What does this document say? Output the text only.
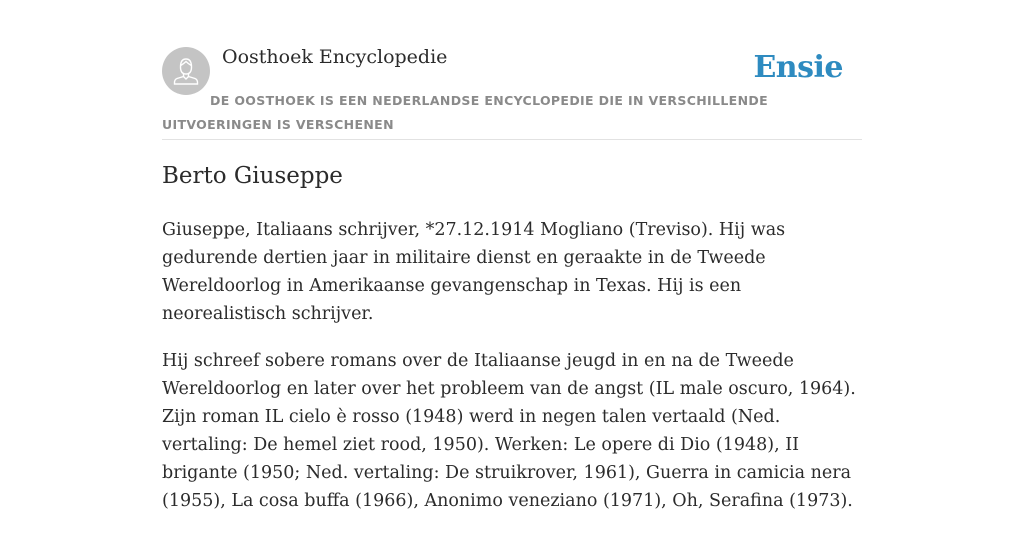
Oosthoek Encyclopedie	Ensie
DE OOSTHOEK IS EEN NEDERLANDSE ENCYCLOPEDIE DIE IN VERSCHILLENDE UITVOERINGEN IS VERSCHENEN
Berto Giuseppe

Giuseppe, Italiaans schrijver, *27.12.1914 Mogliano (Treviso). Hij was gedurende dertien jaar in militaire dienst en geraakte in de Tweede Wereldoorlog in Amerikaanse gevangenschap in Texas. Hij is een neorealistisch schrijver.

Hij schreef sobere romans over de Italiaanse jeugd in en na de Tweede Wereldoorlog en later over het probleem van de angst (IL male oscuro, 1964). Zijn roman IL cielo è rosso (1948) werd in negen talen vertaald (Ned. vertaling: De hemel ziet rood, 1950). Werken: Le opere di Dio (1948), II brigante (1950; Ned. vertaling: De struikrover, 1961), Guerra in camicia nera (1955), La cosa buffa (1966), Anonimo veneziano (1971), Oh, Serafina (1973).
